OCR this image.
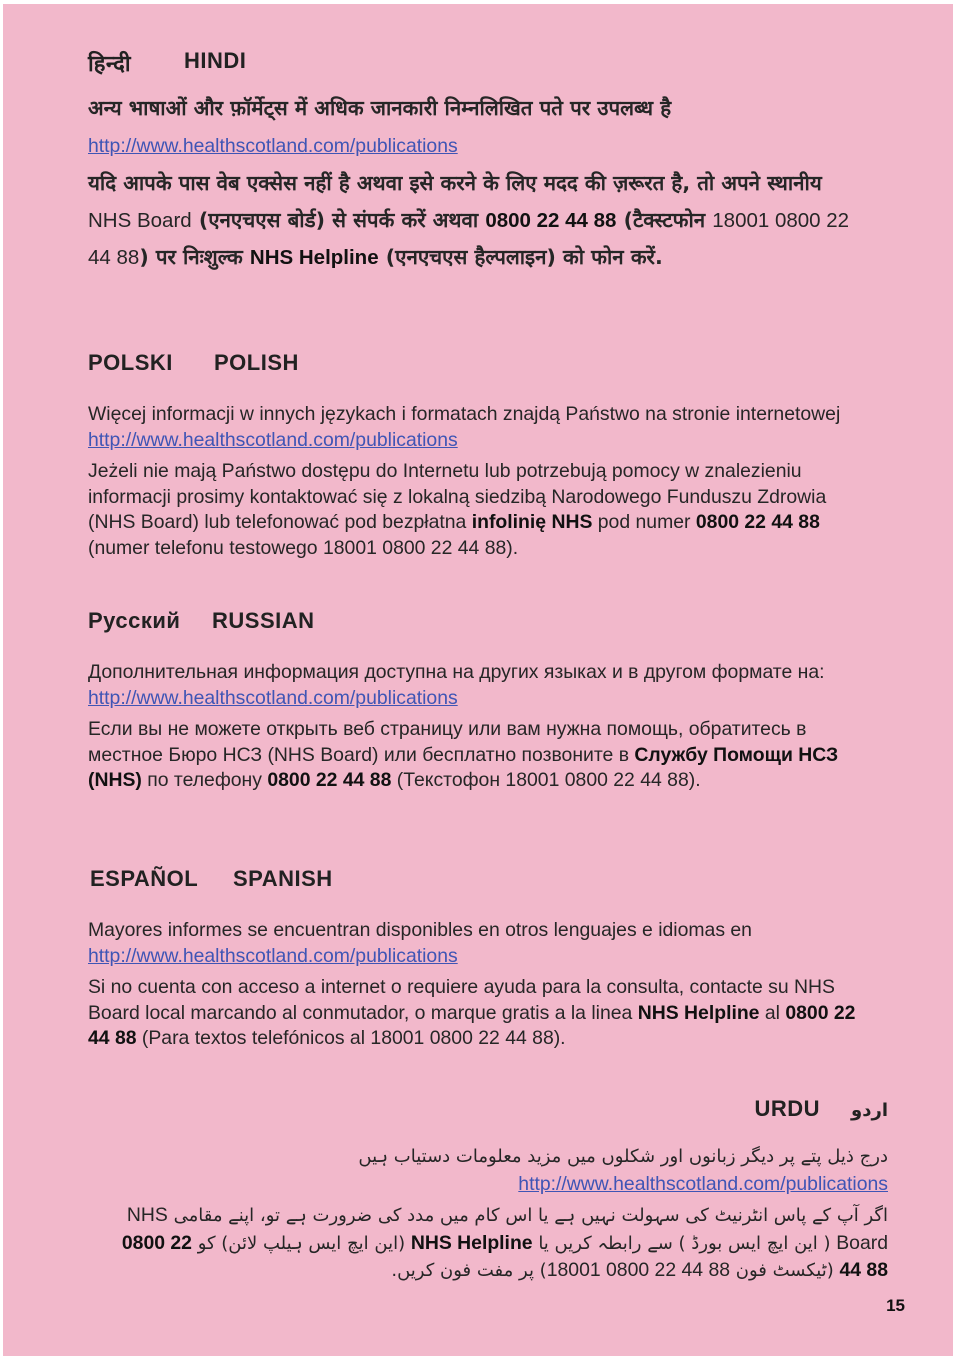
हिन्दी HINDI

अन्य भाषाओं और फ़ॉर्मेट्स में अधिक जानकारी निम्नलिखित पते पर उपलब्ध है
http://www.healthscotland.com/publications

यदि आपके पास वेब एक्सेस नहीं है अथवा इसे करने के लिए मदद की ज़रूरत है, तो अपने स्थानीय NHS Board (एनएचएस बोर्ड) से संपर्क करें अथवा 0800 22 44 88 (टैक्स्टफोन 18001 0800 22 44 88) पर निःशुल्क NHS Helpline (एनएचएस हैल्पलाइन) को फोन करें.

POLSKI POLISH

Więcej informacji w innych językach i formatach znajdą Państwo na stronie internetowej http://www.healthscotland.com/publications

Jeżeli nie mają Państwo dostępu do Internetu lub potrzebują pomocy w znalezieniu informacji prosimy kontaktować się z lokalną siedzibą Narodowego Funduszu Zdrowia (NHS Board) lub telefonować pod bezpłatna infolinię NHS pod numer 0800 22 44 88 (numer telefonu testowego 18001 0800 22 44 88).

Русский RUSSIAN

Дополнительная информация доступна на других языках и в другом формате на: http://www.healthscotland.com/publications

Если вы не можете открыть веб страницу или вам нужна помощь, обратитесь в местное Бюро НСЗ (NHS Board) или бесплатно позвоните в Службу Помощи НСЗ (NHS) по телефону 0800 22 44 88 (Текстофон 18001 0800 22 44 88).

ESPAÑOL SPANISH

Mayores informes se encuentran disponibles en otros lenguajes e idiomas en http://www.healthscotland.com/publications

Si no cuenta con acceso a internet o requiere ayuda para la consulta, contacte su NHS Board local marcando al conmutador, o marque gratis a la linea NHS Helpline al 0800 22 44 88 (Para textos telefónicos al 18001 0800 22 44 88).

URDU اردو

درج ذیل پتے پر دیگر زبانوں اور شکلوں میں مزید معلومات دستیاب ہیں
http://www.healthscotland.com/publications

اگر آپ کے پاس انٹرنیٹ کی سہولت نہیں ہے یا اس کام میں مدد کی ضرورت ہے تو، اپنے مقامی NHS Board ( این ایچ ایس بورڈ ) سے رابطہ کریں یا NHS Helpline (این ایچ ایس ہیلپ لائن) کو 0800 22 44 88 (ٹیکسٹ فون 18001 0800 22 44 88) پر مفت فون کریں.

15
